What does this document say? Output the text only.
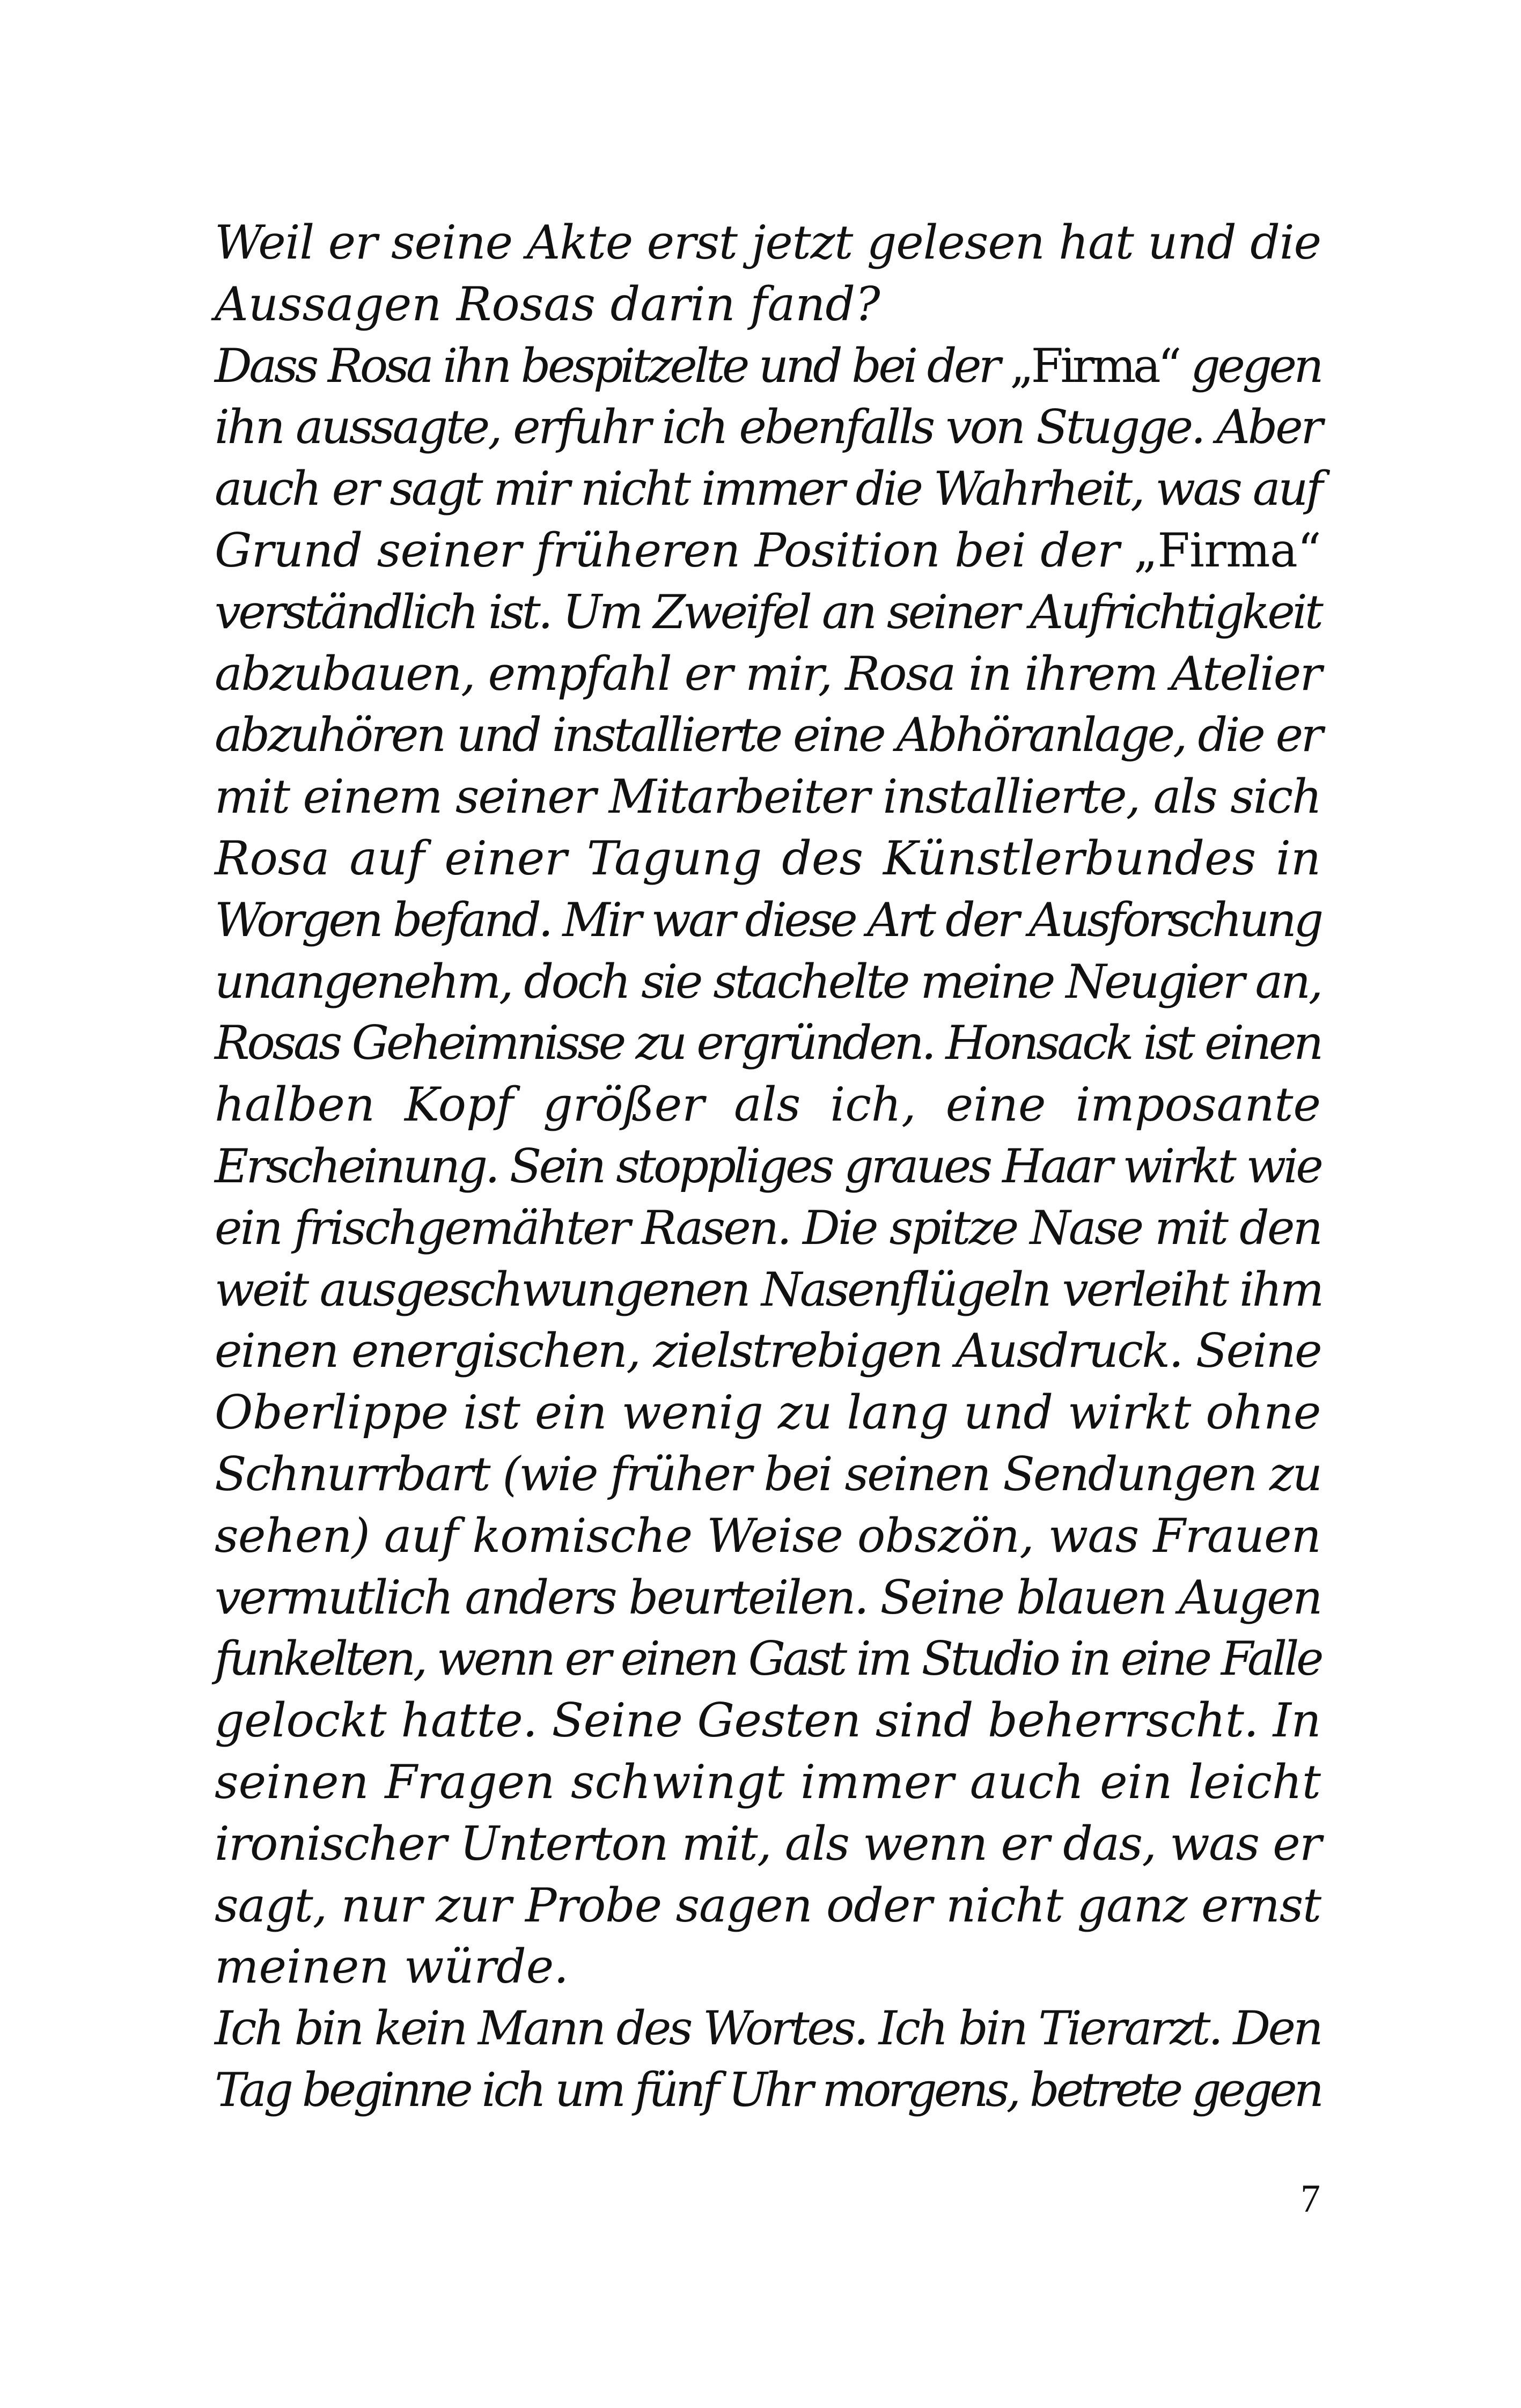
Weil er seine Akte erst jetzt gelesen hat und die
Aussagen Rosas darin fand?
Dass Rosa ihn bespitzelte und bei der „Firma“ gegen
ihn aussagte, erfuhr ich ebenfalls von Stugge. Aber
auch er sagt mir nicht immer die Wahrheit, was auf
Grund seiner früheren Position bei der „Firma“
verständlich ist. Um Zweifel an seiner Aufrichtigkeit
abzubauen, empfahl er mir, Rosa in ihrem Atelier
abzuhören und installierte eine Abhöranlage, die er
mit einem seiner Mitarbeiter installierte, als sich
Rosa auf einer Tagung des Künstlerbundes in
Worgen befand. Mir war diese Art der Ausforschung
unangenehm, doch sie stachelte meine Neugier an,
Rosas Geheimnisse zu ergründen. Honsack ist einen
halben Kopf größer als ich, eine imposante
Erscheinung. Sein stoppliges graues Haar wirkt wie
ein frischgemähter Rasen. Die spitze Nase mit den
weit ausgeschwungenen Nasenflügeln verleiht ihm
einen energischen, zielstrebigen Ausdruck. Seine
Oberlippe ist ein wenig zu lang und wirkt ohne
Schnurrbart (wie früher bei seinen Sendungen zu
sehen) auf komische Weise obszön, was Frauen
vermutlich anders beurteilen. Seine blauen Augen
funkelten, wenn er einen Gast im Studio in eine Falle
gelockt hatte. Seine Gesten sind beherrscht. In
seinen Fragen schwingt immer auch ein leicht
ironischer Unterton mit, als wenn er das, was er
sagt, nur zur Probe sagen oder nicht ganz ernst
meinen würde.
Ich bin kein Mann des Wortes. Ich bin Tierarzt. Den
Tag beginne ich um fünf Uhr morgens, betrete gegen
7
